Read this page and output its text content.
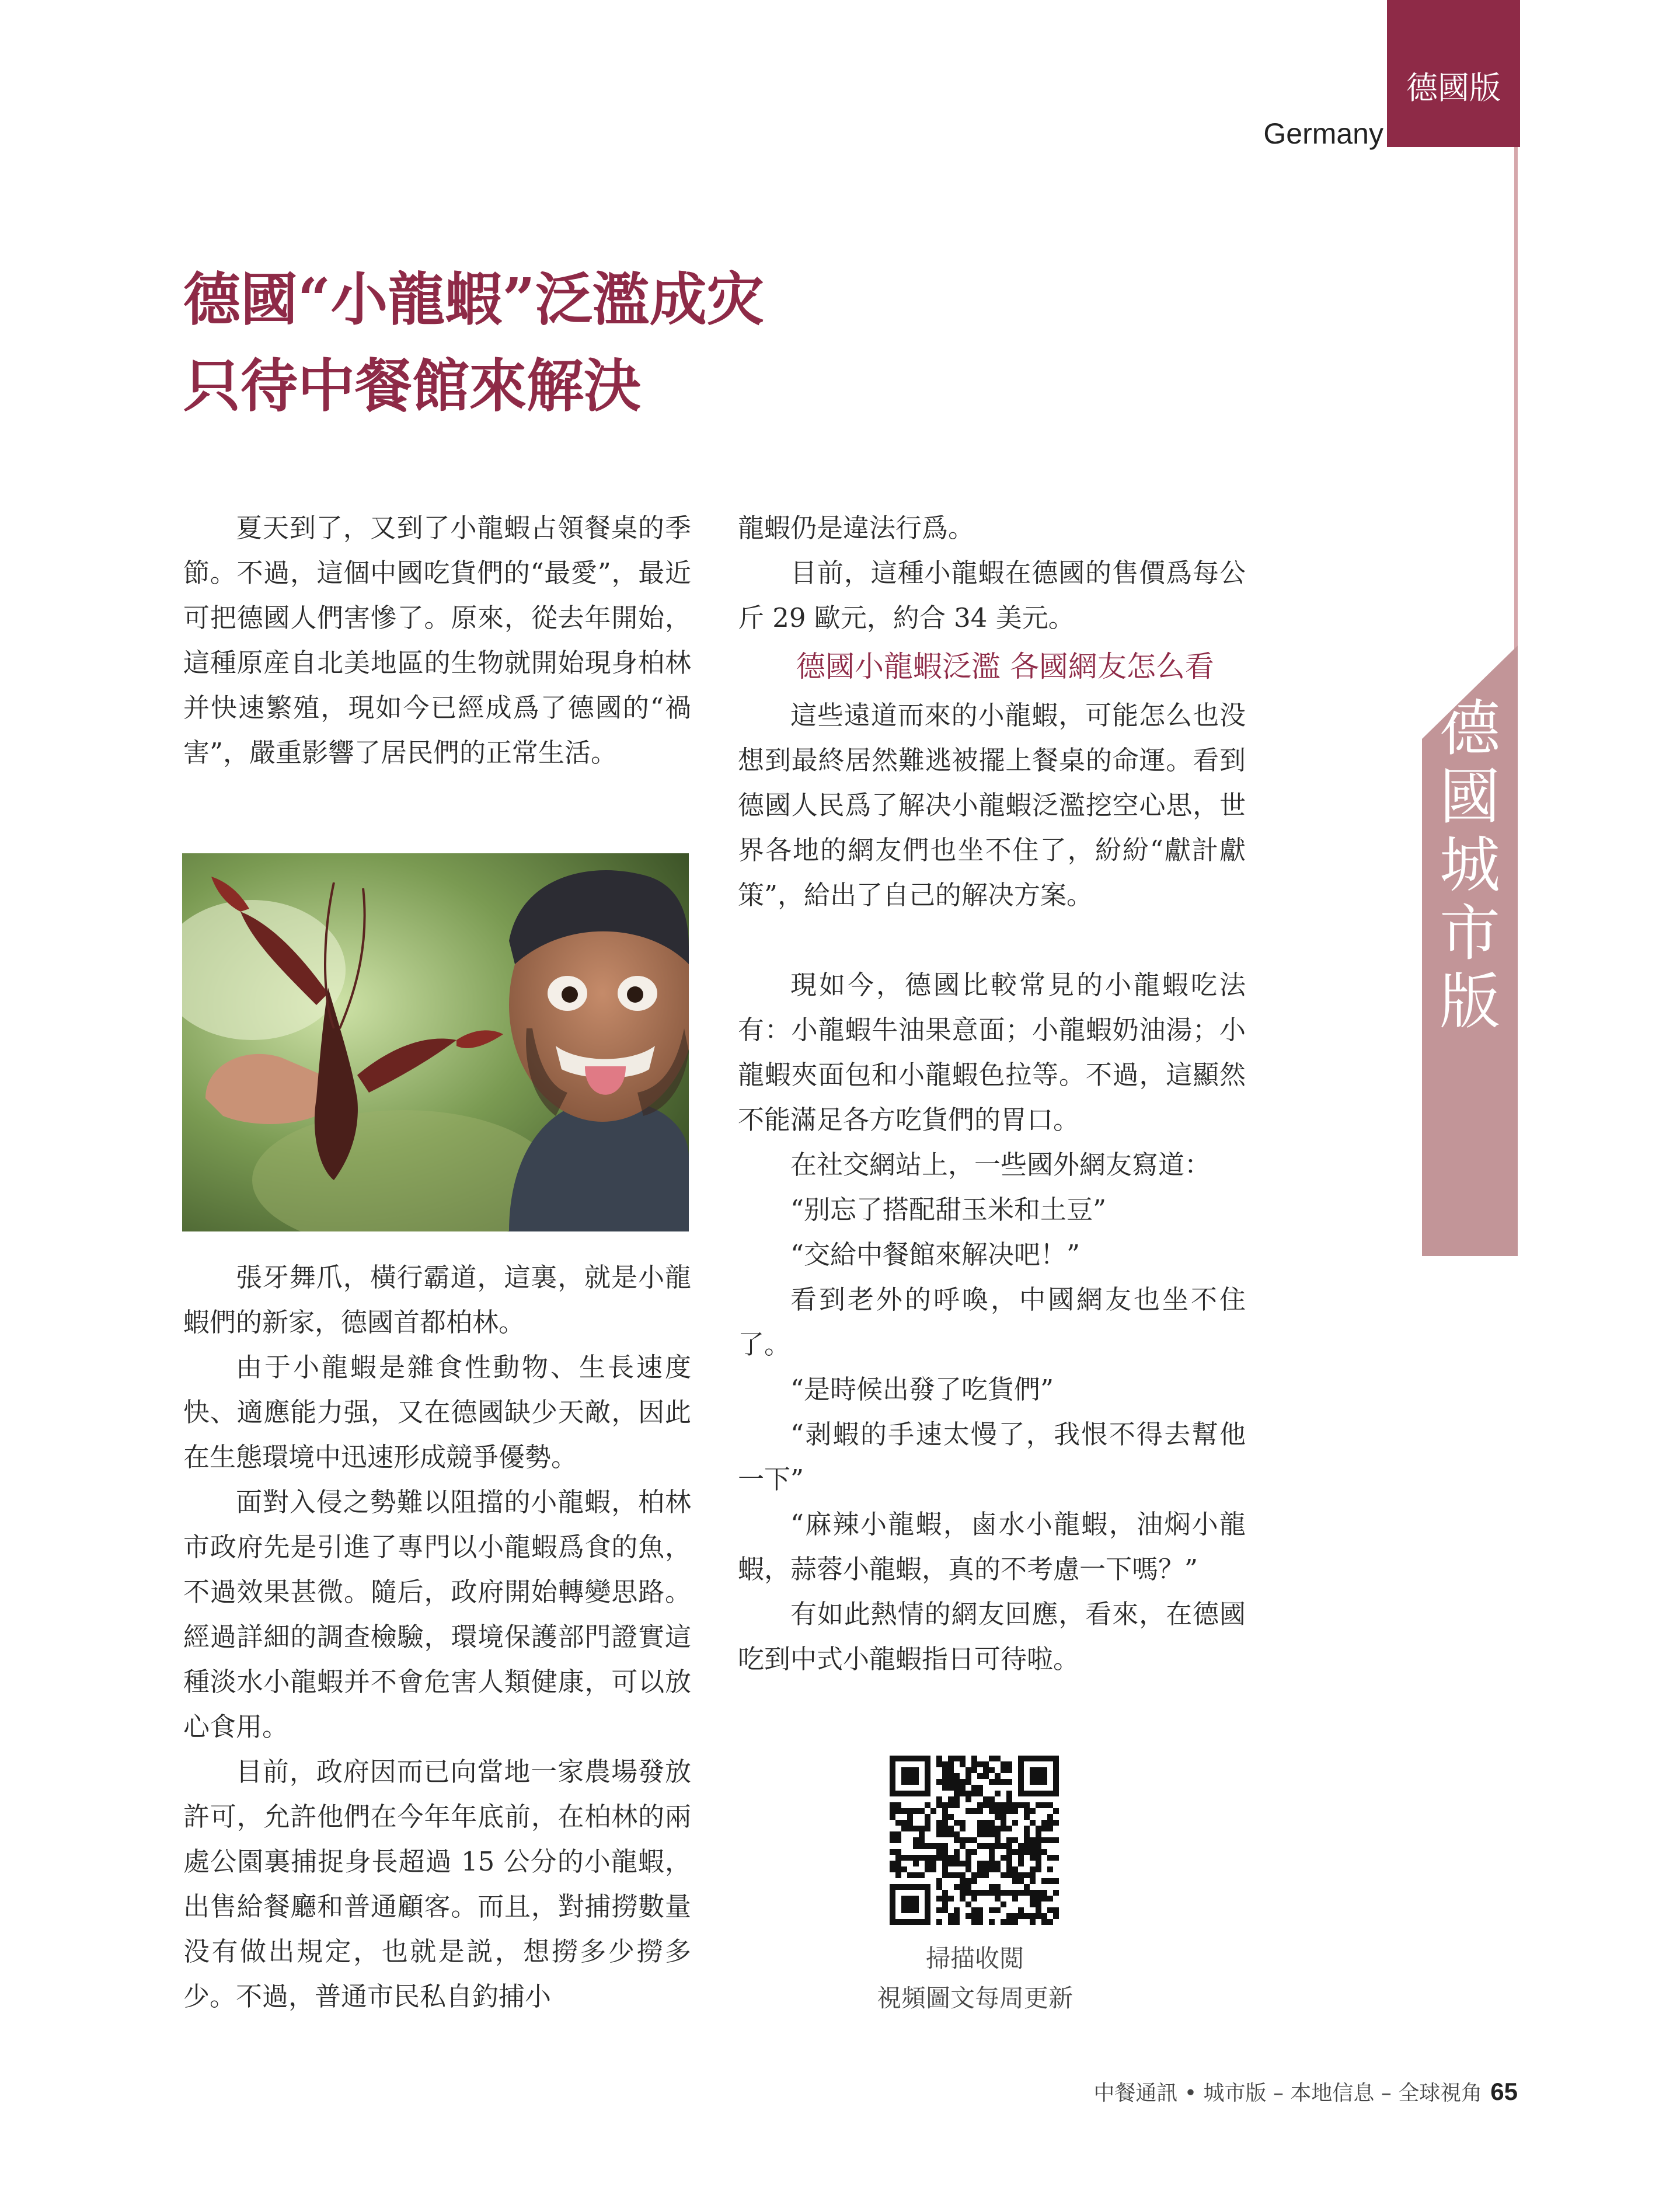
德國版
Germany
德
國
城
市
版
德國“小龍蝦”泛濫成灾
只待中餐館來解決

夏天到了，又到了小龍蝦占領餐桌的季節。不過，這個中國吃貨們的“最愛”，最近可把德國人們害慘了。原來，從去年開始，這種原産自北美地區的生物就開始現身柏林并快速繁殖，現如今已經成爲了德國的“禍害”，嚴重影響了居民們的正常生活。

張牙舞爪，橫行霸道，這裏，就是小龍蝦們的新家，德國首都柏林。

由于小龍蝦是雜食性動物、生長速度快、適應能力强，又在德國缺少天敵，因此在生態環境中迅速形成競爭優勢。

面對入侵之勢難以阻擋的小龍蝦，柏林市政府先是引進了專門以小龍蝦爲食的魚，不過效果甚微。隨后，政府開始轉變思路。經過詳細的調查檢驗，環境保護部門證實這種淡水小龍蝦并不會危害人類健康，可以放心食用。

目前，政府因而已向當地一家農場發放許可，允許他們在今年年底前，在柏林的兩處公園裏捕捉身長超過 15 公分的小龍蝦，出售給餐廳和普通顧客。而且，對捕撈數量没有做出規定，也就是説，想撈多少撈多少。不過，普通市民私自釣捕小

龍蝦仍是違法行爲。

目前，這種小龍蝦在德國的售價爲每公斤 29 歐元，約合 34 美元。

德國小龍蝦泛濫 各國網友怎么看

這些遠道而來的小龍蝦，可能怎么也没想到最終居然難逃被擺上餐桌的命運。看到德國人民爲了解决小龍蝦泛濫挖空心思，世界各地的網友們也坐不住了，紛紛“獻計獻策”，給出了自己的解决方案。

現如今，德國比較常見的小龍蝦吃法有：小龍蝦牛油果意面；小龍蝦奶油湯；小龍蝦夾面包和小龍蝦色拉等。不過，這顯然不能滿足各方吃貨們的胃口。

在社交網站上，一些國外網友寫道：

“别忘了搭配甜玉米和土豆”

“交給中餐館來解决吧！”

看到老外的呼喚，中國網友也坐不住了。

“是時候出發了吃貨們”

“剥蝦的手速太慢了，我恨不得去幫他一下”

“麻辣小龍蝦，鹵水小龍蝦，油焖小龍蝦，蒜蓉小龍蝦，真的不考慮一下嗎？”

有如此熱情的網友回應，看來，在德國吃到中式小龍蝦指日可待啦。

掃描收閲
視頻圖文每周更新
中餐通訊 • 城市版 – 本地信息 – 全球視角 65
